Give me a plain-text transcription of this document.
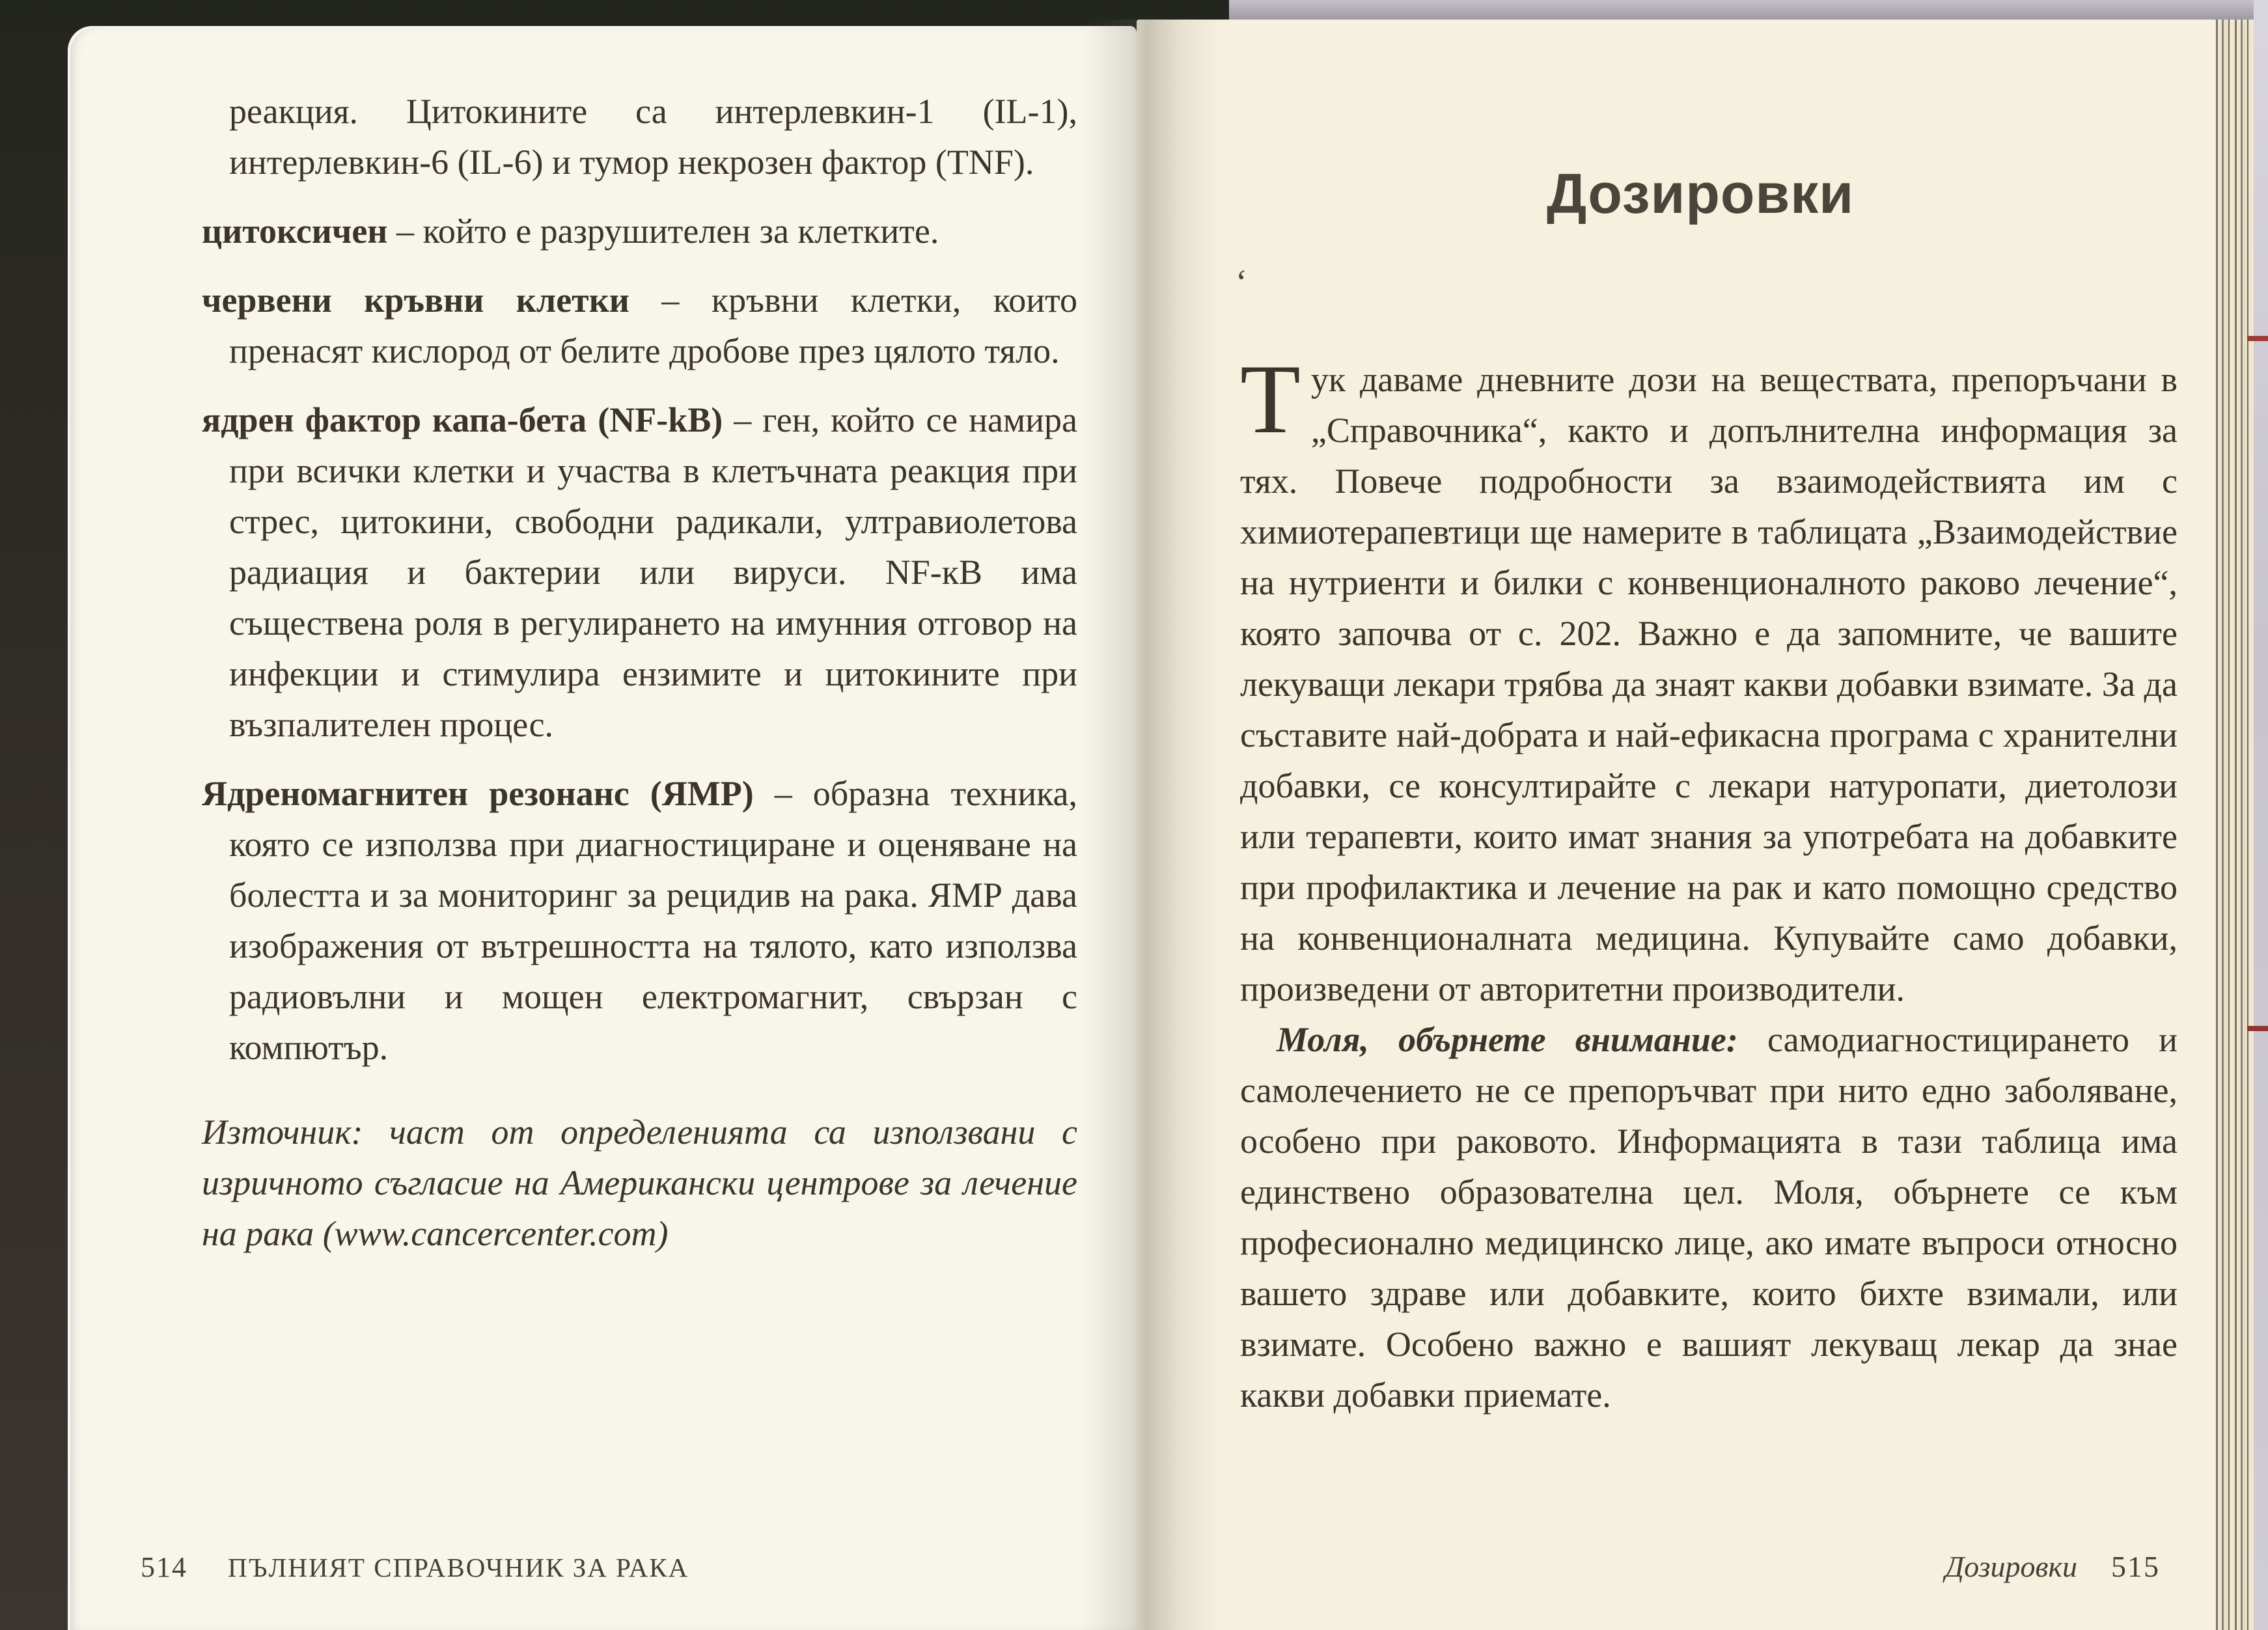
реакция. Цитокините са интерлевкин-1 (IL-1), интерлевкин-6 (IL-6) и тумор некрозен фактор (TNF).

цитоксичен – който е разрушителен за клетките.

червени кръвни клетки – кръвни клетки, които пренасят кислород от белите дробове през цялото тяло.

ядрен фактор капа-бета (NF-kB) – ген, който се намира при всички клетки и участва в клетъчната реакция при стрес, цитокини, свободни радикали, ултравиолетова радиация и бактерии или вируси. NF-кB има съществена роля в регулирането на имунния отговор на инфекции и стимулира ензимите и цитокините при възпалителен процес.

Ядреномагнитен резонанс (ЯМР) – образна техника, която се използва при диагностициране и оценяване на болестта и за мониторинг за рецидив на рака. ЯМР дава изображения от вътрешността на тялото, като използва радиовълни и мощен електромагнит, свързан с компютър.

Източник: част от определенията са използвани с изричното съгласие на Американски центрове за лечение на рака (www.cancercenter.com)

514 ПЪЛНИЯТ СПРАВОЧНИК ЗА РАКА
Дозировки
‘

Тук даваме дневните дози на веществата, препоръчани в „Справочника“, както и допълнителна информация за тях. Повече подробности за взаимодействията им с химиотерапевтици ще намерите в таблицата „Взаимодействие на нутриенти и билки с конвенционалното раково лечение“, която започва от с. 202. Важно е да запомните, че вашите лекуващи лекари трябва да знаят какви добавки взимате. За да съставите най-добрата и най-ефикасна програма с хранителни добавки, се консултирайте с лекари натуропати, диетолози или терапевти, които имат знания за употребата на добавките при профилактика и лечение на рак и като помощно средство на конвенционалната медицина. Купувайте само добавки, произведени от авторитетни производители.

Моля, обърнете внимание: самодиагностицирането и самолечението не се препоръчват при нито едно заболяване, особено при раковото. Информацията в тази таблица има единствено образователна цел. Моля, обърнете се към професионално медицинско лице, ако имате въпроси относно вашето здраве или добавките, които бихте взимали, или взимате. Особено важно е вашият лекуващ лекар да знае какви добавки приемате.

Дозировки 515
